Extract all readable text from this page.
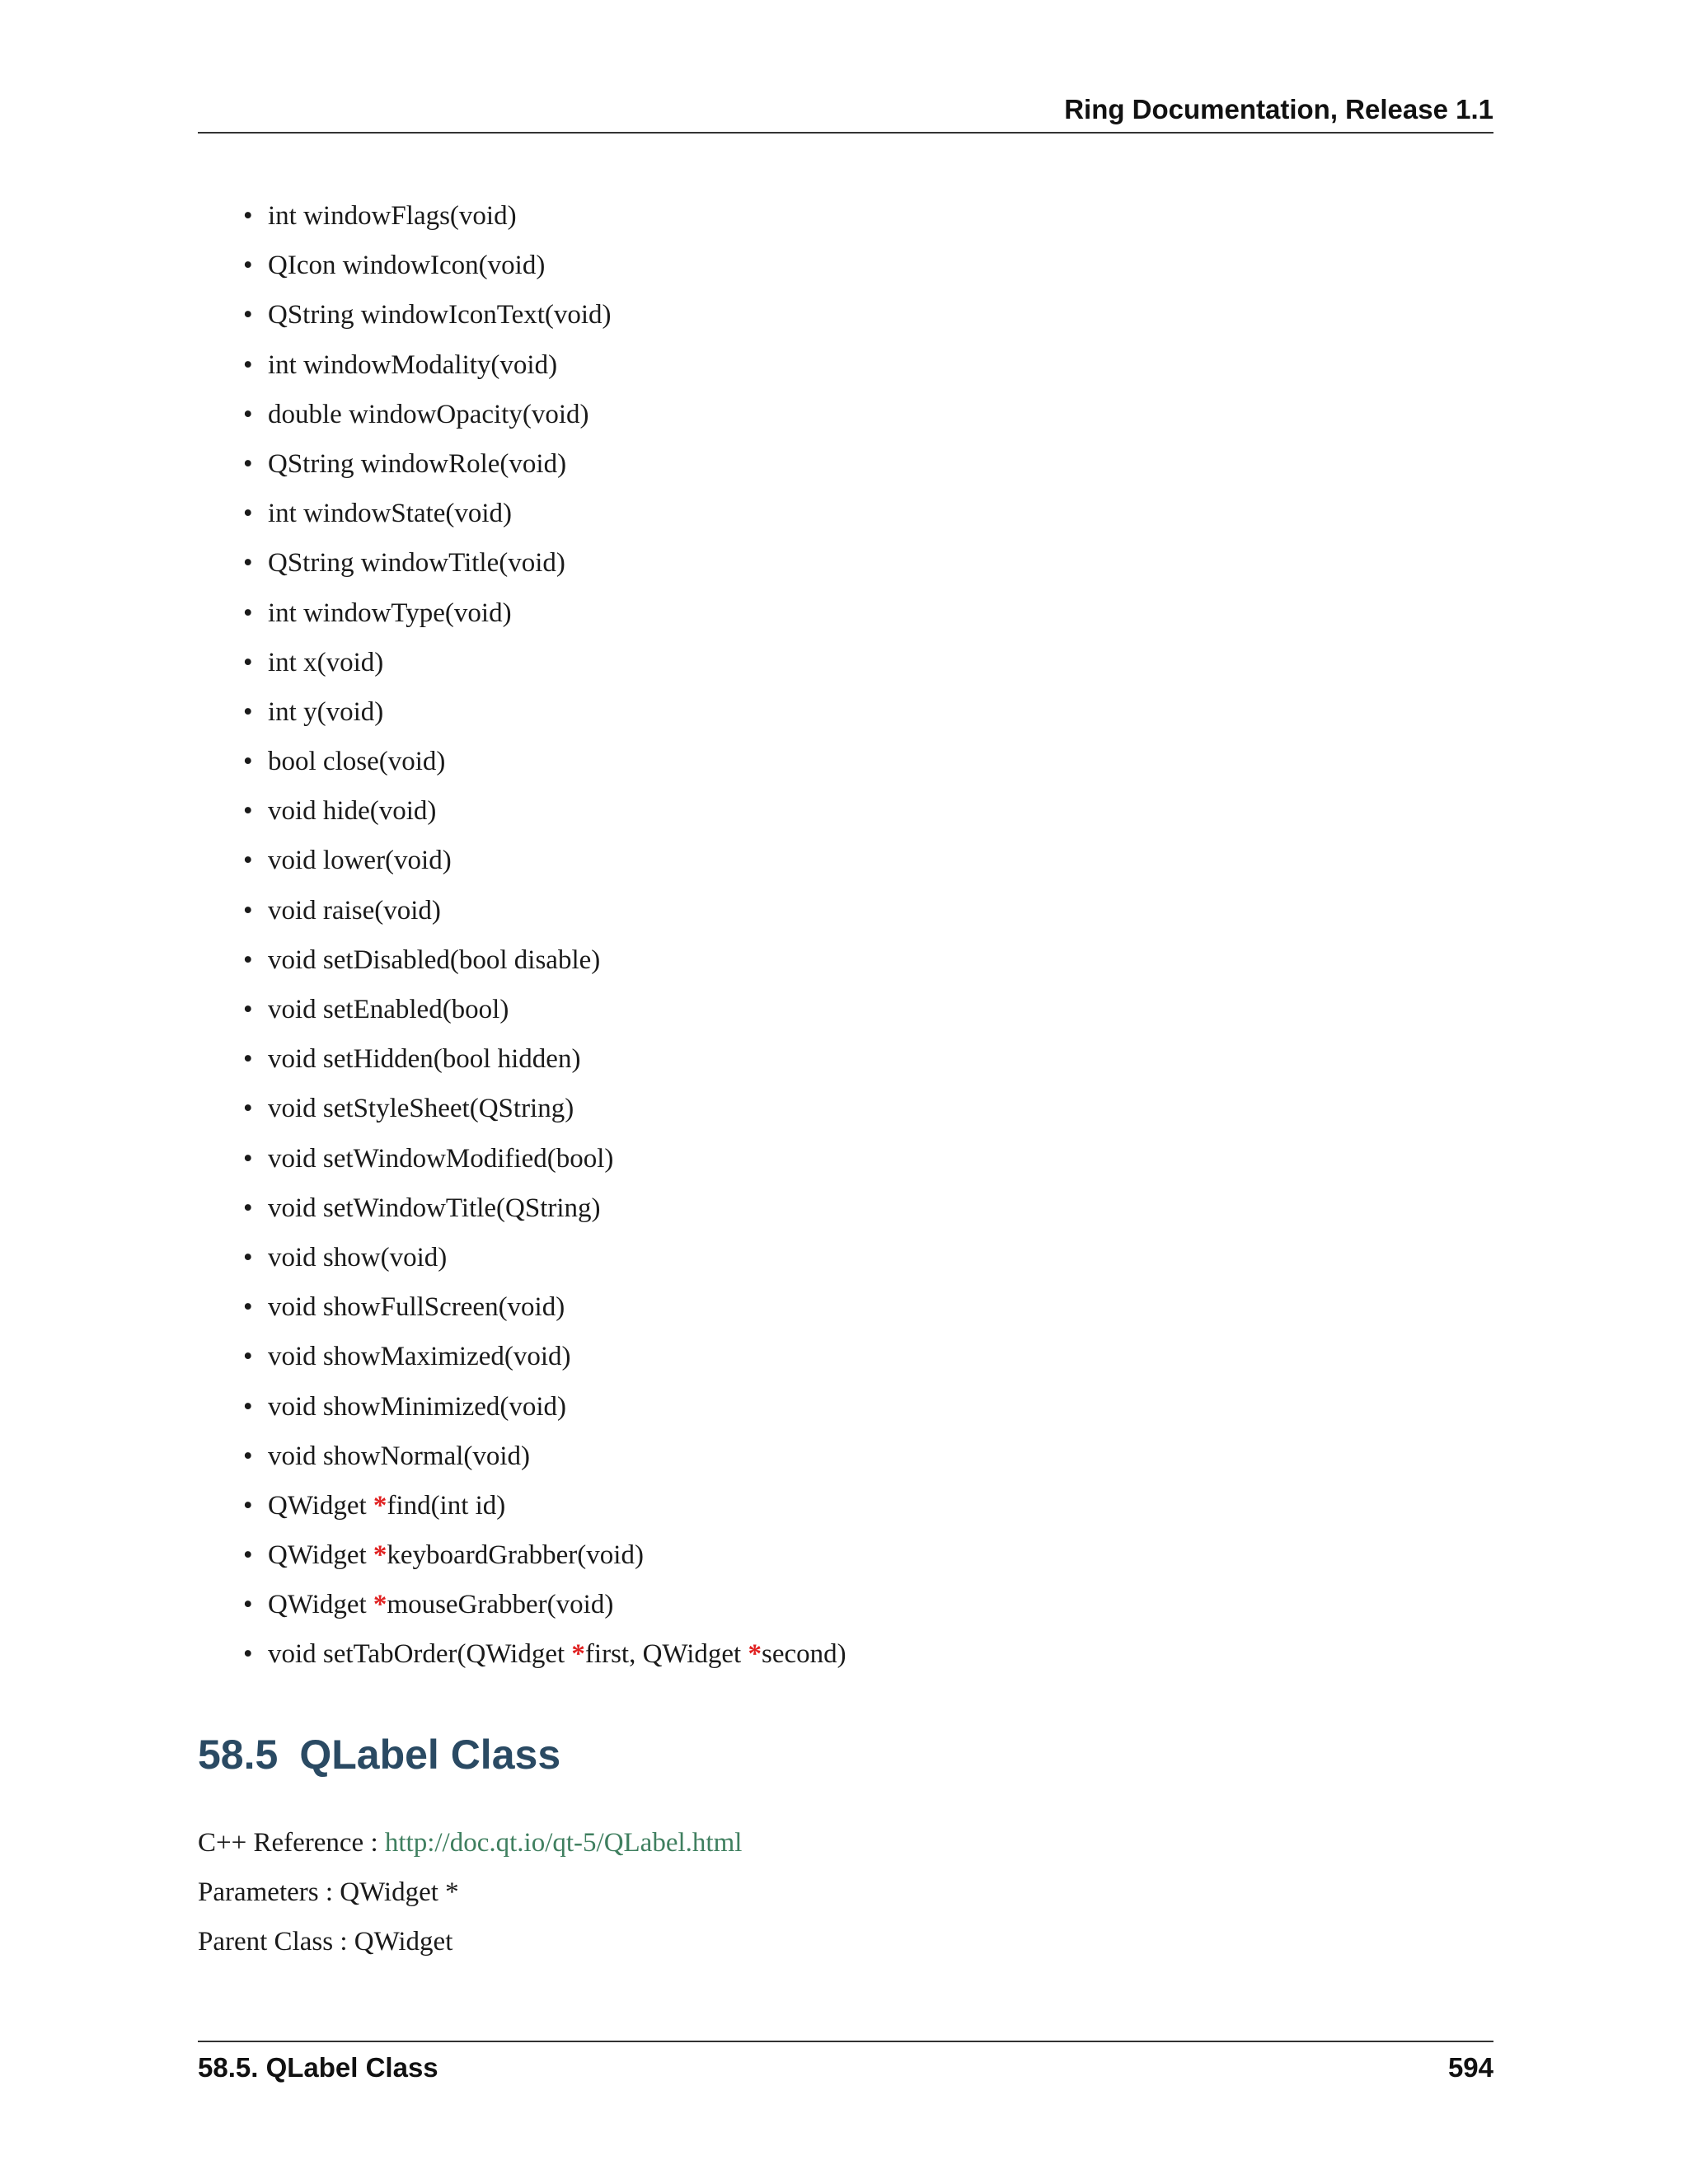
Ring Documentation, Release 1.1
• int windowFlags(void)
• QIcon windowIcon(void)
• QString windowIconText(void)
• int windowModality(void)
• double windowOpacity(void)
• QString windowRole(void)
• int windowState(void)
• QString windowTitle(void)
• int windowType(void)
• int x(void)
• int y(void)
• bool close(void)
• void hide(void)
• void lower(void)
• void raise(void)
• void setDisabled(bool disable)
• void setEnabled(bool)
• void setHidden(bool hidden)
• void setStyleSheet(QString)
• void setWindowModified(bool)
• void setWindowTitle(QString)
• void show(void)
• void showFullScreen(void)
• void showMaximized(void)
• void showMinimized(void)
• void showNormal(void)
• QWidget *find(int id)
• QWidget *keyboardGrabber(void)
• QWidget *mouseGrabber(void)
• void setTabOrder(QWidget *first, QWidget *second)
58.5 QLabel Class
C++ Reference : http://doc.qt.io/qt-5/QLabel.html
Parameters : QWidget *
Parent Class : QWidget
58.5. QLabel Class	594
